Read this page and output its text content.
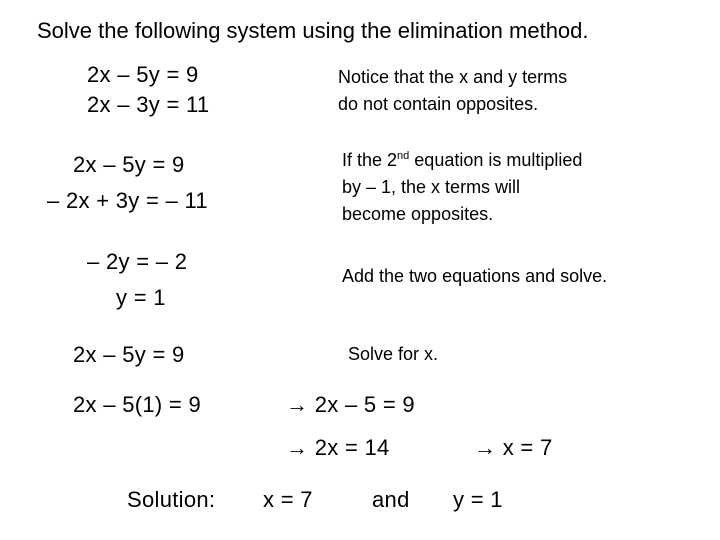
Solve the following system using the elimination method.
2x – 5y = 9
2x – 3y = 11
Notice that the x and y terms
do not contain opposites.
2x – 5y = 9
– 2x + 3y = – 11
If the 2nd equation is multiplied
by – 1, the x terms will
become opposites.
– 2y = – 2
y = 1
Add the two equations and solve.
2x – 5y = 9	Solve for x.
2x – 5(1) = 9	→ 2x – 5 = 9
→ 2x = 14	→ x = 7
Solution: x = 7	and y = 1
